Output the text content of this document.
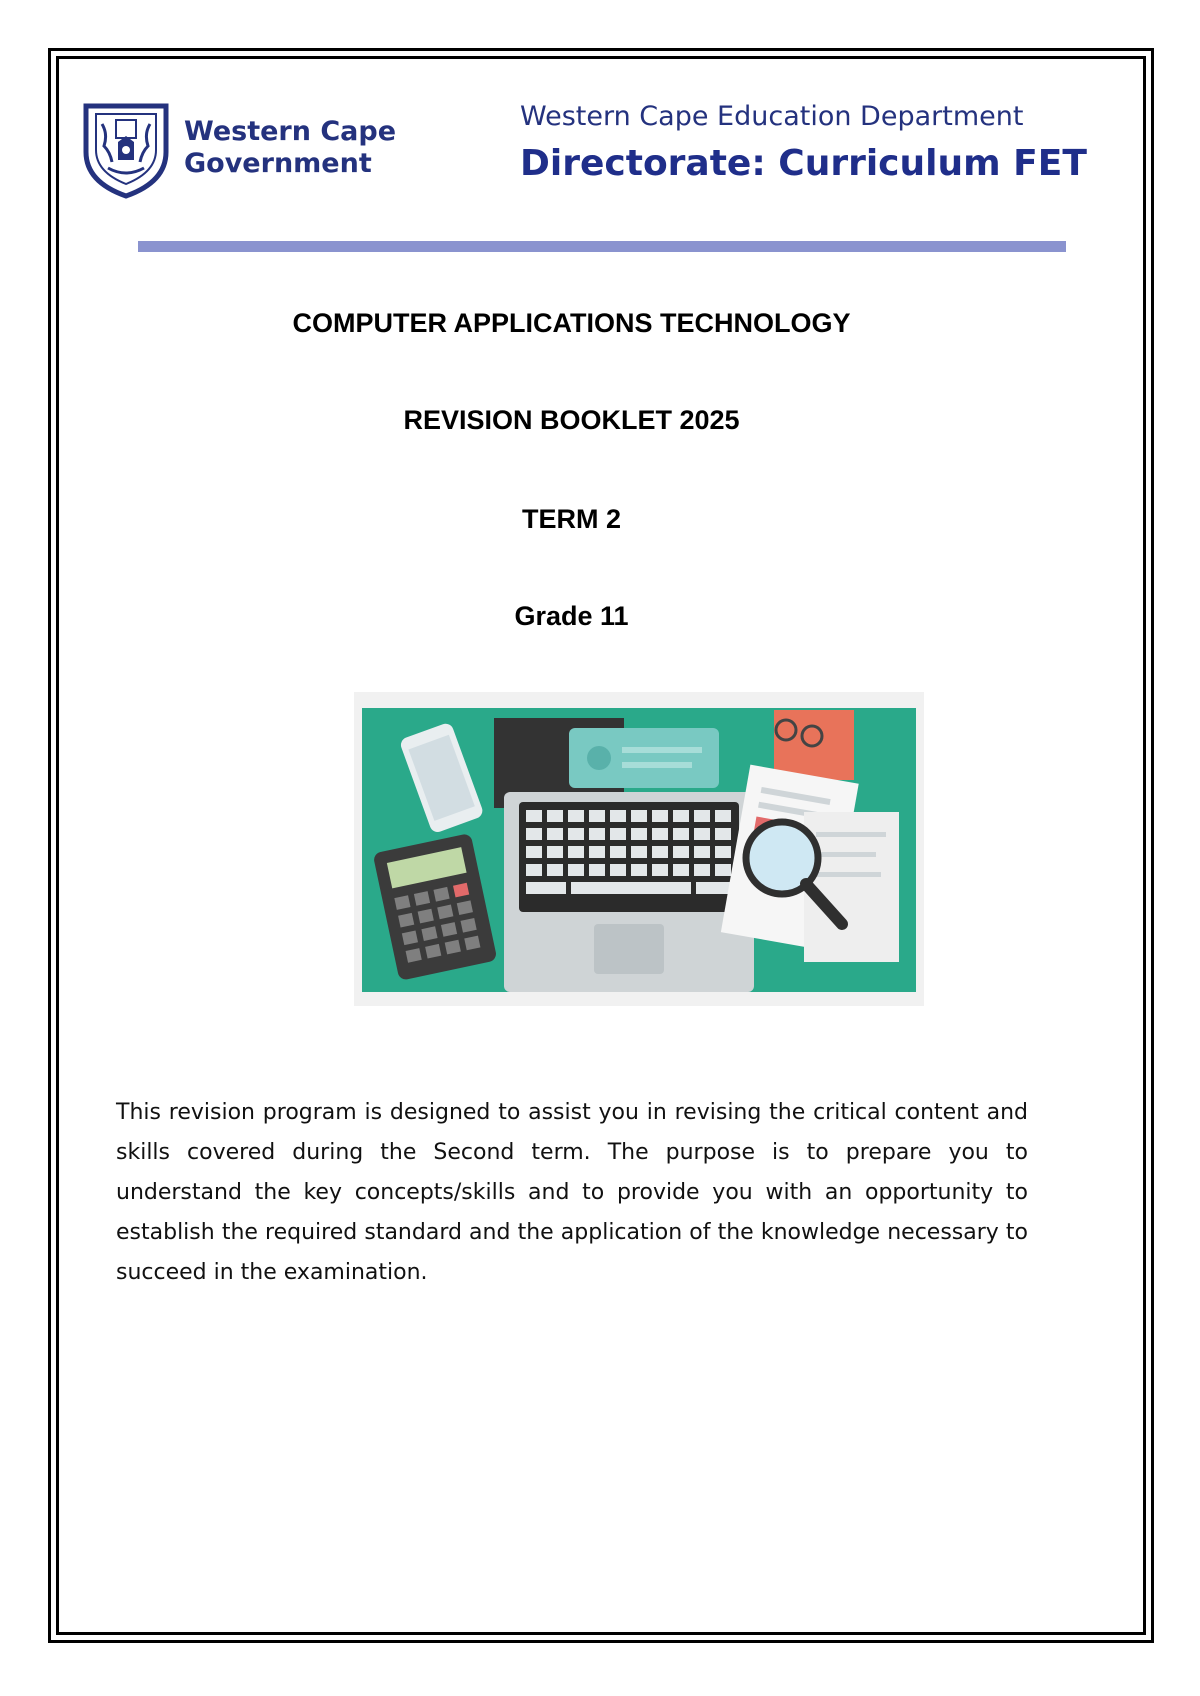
Western Cape
Government
Western Cape Education Department
Directorate: Curriculum FET
COMPUTER APPLICATIONS TECHNOLOGY
REVISION BOOKLET 2025
TERM 2
Grade 11
This revision program is designed to assist you in revising the critical content and skills covered during the Second term. The purpose is to prepare you to understand the key concepts/skills and to provide you with an opportunity to establish the required standard and the application of the knowledge necessary to succeed in the examination.
